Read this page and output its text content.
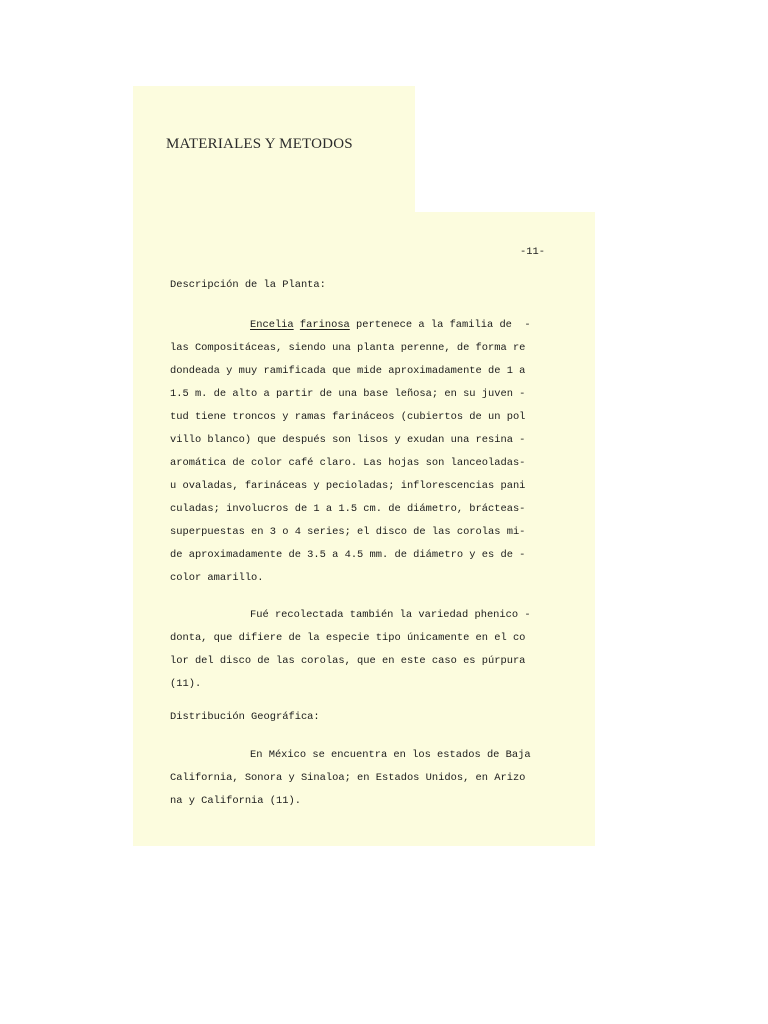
MATERIALES Y METODOS
-11-
Descripción de la Planta:
Encelia farinosa pertenece a la familia de  -
las Compositáceas, siendo una planta perenne, de forma re
dondeada y muy ramificada que mide aproximadamente de 1 a
1.5 m. de alto a partir de una base leñosa; en su juven -
tud tiene troncos y ramas farináceos (cubiertos de un pol
villo blanco) que después son lisos y exudan una resina -
aromática de color café claro. Las hojas son lanceoladas-
u ovaladas, farináceas y pecioladas; inflorescencias pani
culadas; involucros de 1 a 1.5 cm. de diámetro, brácteas-
superpuestas en 3 o 4 series; el disco de las corolas mi-
de aproximadamente de 3.5 a 4.5 mm. de diámetro y es de -
color amarillo.
Fué recolectada también la variedad phenico -
donta, que difiere de la especie tipo únicamente en el co
lor del disco de las corolas, que en este caso es púrpura
(11).
Distribución Geográfica:
En México se encuentra en los estados de Baja
California, Sonora y Sinaloa; en Estados Unidos, en Arizo
na y California (11).
